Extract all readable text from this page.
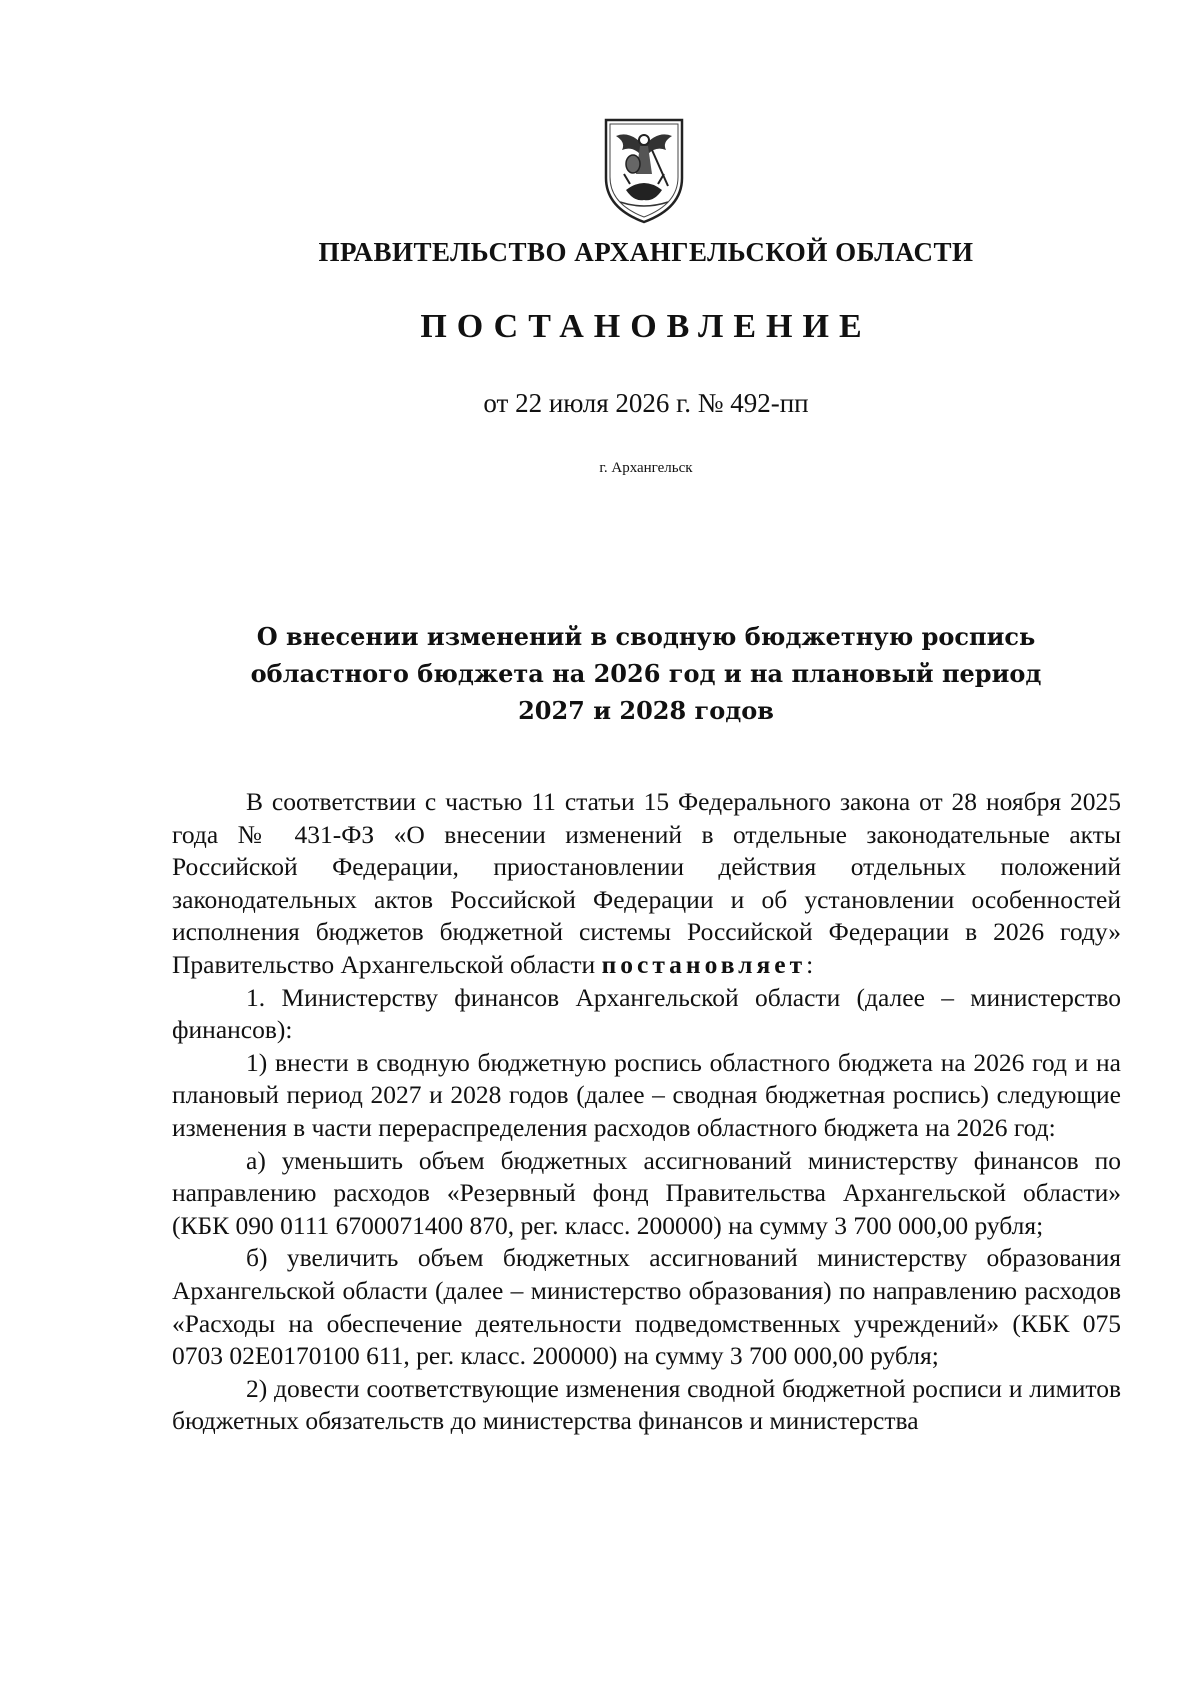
ПРАВИТЕЛЬСТВО АРХАНГЕЛЬСКОЙ ОБЛАСТИ
ПОСТАНОВЛЕНИЕ
от 22 июля 2026 г. № 492-пп
г. Архангельск
О внесении изменений в сводную бюджетную роспись
областного бюджета на 2026 год и на плановый период
2027 и 2028 годов

В соответствии с частью 11 статьи 15 Федерального закона от 28 ноября 2025 года № 431-ФЗ «О внесении изменений в отдельные законодательные акты Российской Федерации, приостановлении действия отдельных положений законодательных актов Российской Федерации и об установлении особенностей исполнения бюджетов бюджетной системы Российской Федерации в 2026 году» Правительство Архангельской области постановляет:

1. Министерству финансов Архангельской области (далее – министерство финансов):

1) внести в сводную бюджетную роспись областного бюджета на 2026 год и на плановый период 2027 и 2028 годов (далее – сводная бюджетная роспись) следующие изменения в части перераспределения расходов областного бюджета на 2026 год:

а) уменьшить объем бюджетных ассигнований министерству финансов по направлению расходов «Резервный фонд Правительства Архангельской области» (КБК 090 0111 6700071400 870, рег. класс. 200000) на сумму 3 700 000,00 рубля;

б) увеличить объем бюджетных ассигнований министерству образования Архангельской области (далее – министерство образования) по направлению расходов «Расходы на обеспечение деятельности подведомственных учреждений» (КБК 075 0703 02Е0170100 611, рег. класс. 200000) на сумму 3 700 000,00 рубля;

2) довести соответствующие изменения сводной бюджетной росписи и лимитов бюджетных обязательств до министерства финансов и министерства
